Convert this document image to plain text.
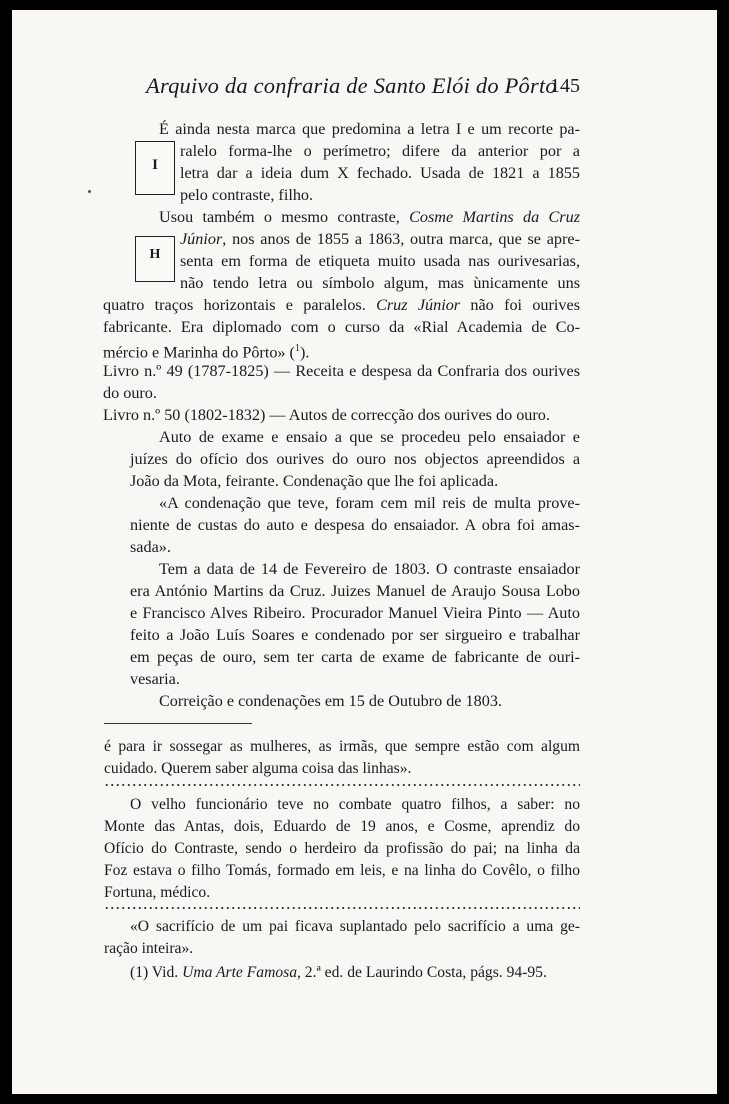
Arquivo da confraria de Santo Elói do Pôrto
145
I
H
É ainda nesta marca que predomina a letra I e um recorte pa-
ralelo forma-lhe o perímetro; difere da anterior por a
letra dar a ideia dum X fechado. Usada de 1821 a 1855
pelo contraste, filho.
Usou também o mesmo contraste, Cosme Martins da Cruz
Júnior, nos anos de 1855 a 1863, outra marca, que se apre-
senta em forma de etiqueta muito usada nas ourivesarias,
não tendo letra ou símbolo algum, mas ùnicamente uns
quatro traços horizontais e paralelos. Cruz Júnior não foi ourives
fabricante. Era diplomado com o curso da «Rial Academia de Co-
mércio e Marinha do Pôrto» ($^1$).
Livro n.º 49 (1787-1825) — Receita e despesa da Confraria dos ourives
do ouro.
Livro n.º 50 (1802-1832) — Autos de correcção dos ourives do ouro.
Auto de exame e ensaio a que se procedeu pelo ensaiador e
juízes do ofício dos ourives do ouro nos objectos apreendidos a
João da Mota, feirante. Condenação que lhe foi aplicada.
«A condenação que teve, foram cem mil reis de multa prove-
niente de custas do auto e despesa do ensaiador. A obra foi amas-
sada».
Tem a data de 14 de Fevereiro de 1803. O contraste ensaiador
era António Martins da Cruz. Juizes Manuel de Araujo Sousa Lobo
e Francisco Alves Ribeiro. Procurador Manuel Vieira Pinto — Auto
feito a João Luís Soares e condenado por ser sirgueiro e trabalhar
em peças de ouro, sem ter carta de exame de fabricante de ouri-
vesaria.
Correição e condenações em 15 de Outubro de 1803.
é para ir sossegar as mulheres, as irmãs, que sempre estão com algum
cuidado. Querem saber alguma coisa das linhas».
O velho funcionário teve no combate quatro filhos, a saber: no
Monte das Antas, dois, Eduardo de 19 anos, e Cosme, aprendiz do
Ofício do Contraste, sendo o herdeiro da profissão do pai; na linha da
Foz estava o filho Tomás, formado em leis, e na linha do Covêlo, o filho
Fortuna, médico.
«O sacrifício de um pai ficava suplantado pelo sacrifício a uma ge-
ração inteira».
(1) Vid. Uma Arte Famosa, 2.ª ed. de Laurindo Costa, págs. 94-95.
